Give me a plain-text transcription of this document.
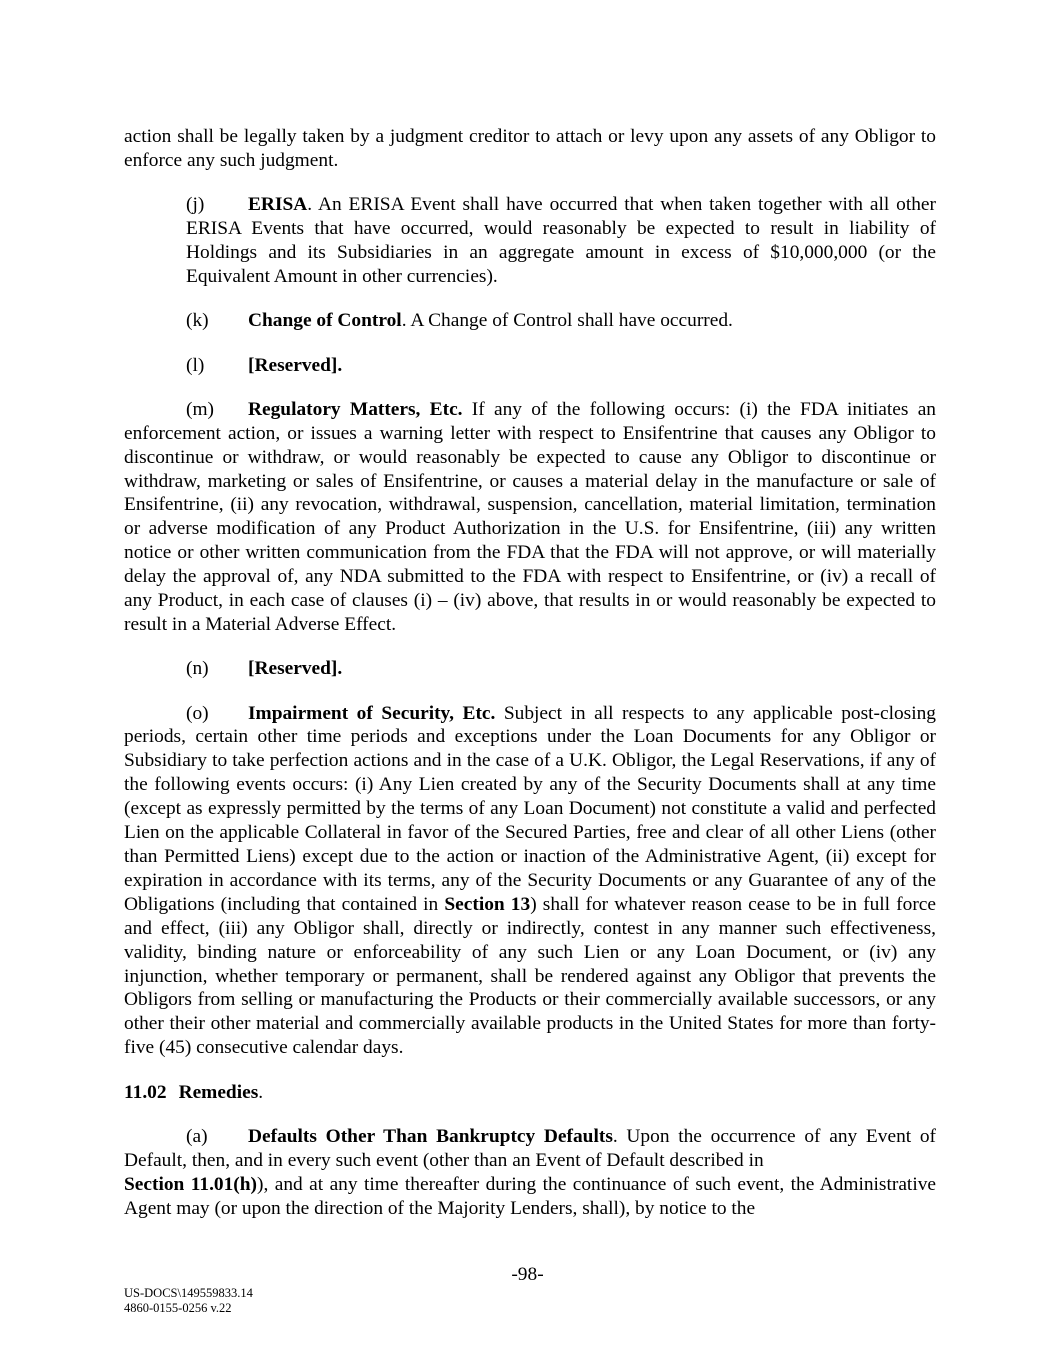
action shall be legally taken by a judgment creditor to attach or levy upon any assets of any Obligor to enforce any such judgment.

(j) ERISA. An ERISA Event shall have occurred that when taken together with all other ERISA Events that have occurred, would reasonably be expected to result in liability of Holdings and its Subsidiaries in an aggregate amount in excess of $10,000,000 (or the Equivalent Amount in other currencies).

(k) Change of Control. A Change of Control shall have occurred.

(l) [Reserved].

(m) Regulatory Matters, Etc. If any of the following occurs: (i) the FDA initiates an enforcement action, or issues a warning letter with respect to Ensifentrine that causes any Obligor to discontinue or withdraw, or would reasonably be expected to cause any Obligor to discontinue or withdraw, marketing or sales of Ensifentrine, or causes a material delay in the manufacture or sale of Ensifentrine, (ii) any revocation, withdrawal, suspension, cancellation, material limitation, termination or adverse modification of any Product Authorization in the U.S. for Ensifentrine, (iii) any written notice or other written communication from the FDA that the FDA will not approve, or will materially delay the approval of, any NDA submitted to the FDA with respect to Ensifentrine, or (iv) a recall of any Product, in each case of clauses (i) – (iv) above, that results in or would reasonably be expected to result in a Material Adverse Effect.

(n) [Reserved].

(o) Impairment of Security, Etc. Subject in all respects to any applicable post-closing periods, certain other time periods and exceptions under the Loan Documents for any Obligor or Subsidiary to take perfection actions and in the case of a U.K. Obligor, the Legal Reservations, if any of the following events occurs: (i) Any Lien created by any of the Security Documents shall at any time (except as expressly permitted by the terms of any Loan Document) not constitute a valid and perfected Lien on the applicable Collateral in favor of the Secured Parties, free and clear of all other Liens (other than Permitted Liens) except due to the action or inaction of the Administrative Agent, (ii) except for expiration in accordance with its terms, any of the Security Documents or any Guarantee of any of the Obligations (including that contained in Section 13) shall for whatever reason cease to be in full force and effect, (iii) any Obligor shall, directly or indirectly, contest in any manner such effectiveness, validity, binding nature or enforceability of any such Lien or any Loan Document, or (iv) any injunction, whether temporary or permanent, shall be rendered against any Obligor that prevents the Obligors from selling or manufacturing the Products or their commercially available successors, or any other their other material and commercially available products in the United States for more than forty-five (45) consecutive calendar days.

11.02 Remedies.

(a) Defaults Other Than Bankruptcy Defaults. Upon the occurrence of any Event of Default, then, and in every such event (other than an Event of Default described in
Section 11.01(h)), and at any time thereafter during the continuance of such event, the Administrative Agent may (or upon the direction of the Majority Lenders, shall), by notice to the

-98-
US-DOCS\149559833.14
4860-0155-0256 v.22
